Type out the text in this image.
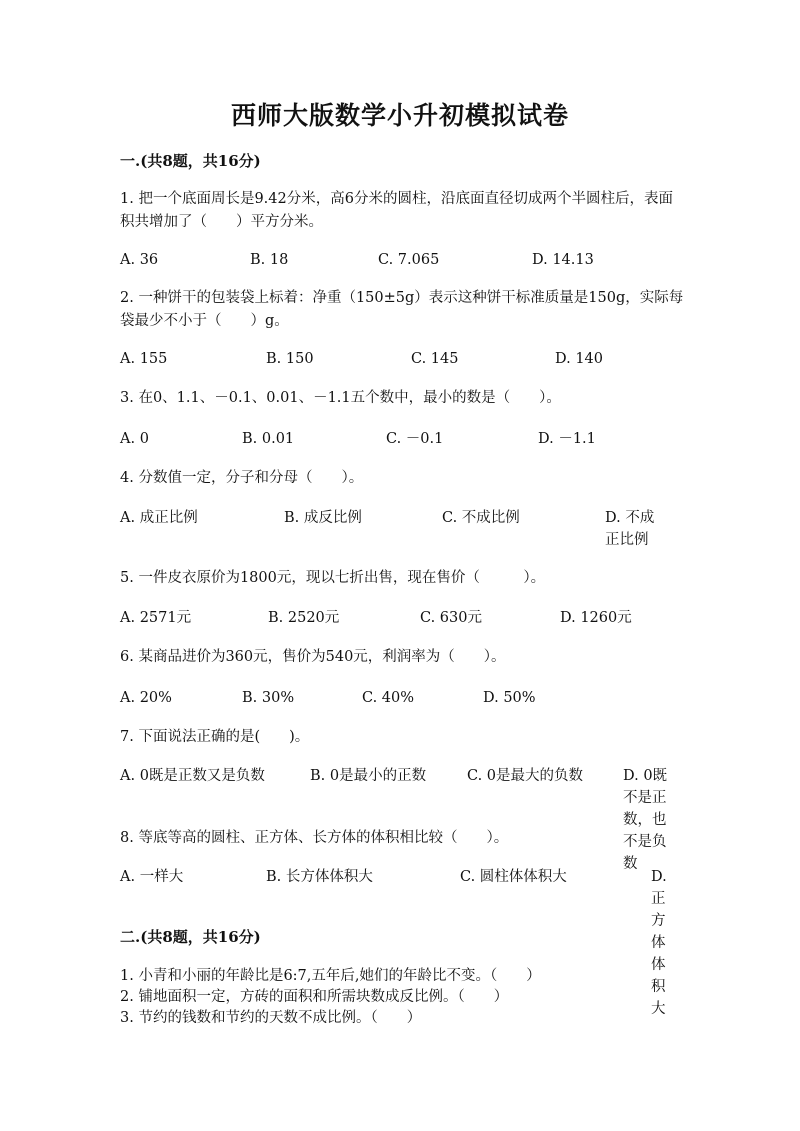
西师大版数学小升初模拟试卷
一.(共8题，共16分)
1. 把一个底面周长是9.42分米，高6分米的圆柱，沿底面直径切成两个半圆柱后，表面积共增加了（　　）平方分米。
A. 36	B. 18	C. 7.065	D. 14.13
2. 一种饼干的包装袋上标着：净重（150±5g）表示这种饼干标准质量是150g，实际每袋最少不小于（　　）g。
A. 155	B. 150	C. 145	D. 140
3. 在0、1.1、－0.1、0.01、－1.1五个数中，最小的数是（　　）。
A. 0	B. 0.01	C. －0.1	D. －1.1
4. 分数值一定，分子和分母（　　）。
A. 成正比例	B. 成反比例	C. 不成比例	D. 不成正比例
5. 一件皮衣原价为1800元，现以七折出售，现在售价（　　　）。
A. 2571元	B. 2520元	C. 630元	D. 1260元
6. 某商品进价为360元，售价为540元，利润率为（　　）。
A. 20%	B. 30%	C. 40%	D. 50%
7. 下面说法正确的是(　　)。
A. 0既是正数又是负数	B. 0是最小的正数	C. 0是最大的负数	D. 0既不是正数，也不是负数
8. 等底等高的圆柱、正方体、长方体的体积相比较（　　）。
A. 一样大	B. 长方体体积大	C. 圆柱体体积大	D. 正方体体积大
二.(共8题，共16分)
1. 小青和小丽的年龄比是6:7,五年后,她们的年龄比不变。（　　）
2. 铺地面积一定，方砖的面积和所需块数成反比例。（　　）
3. 节约的钱数和节约的天数不成比例。（　　）
